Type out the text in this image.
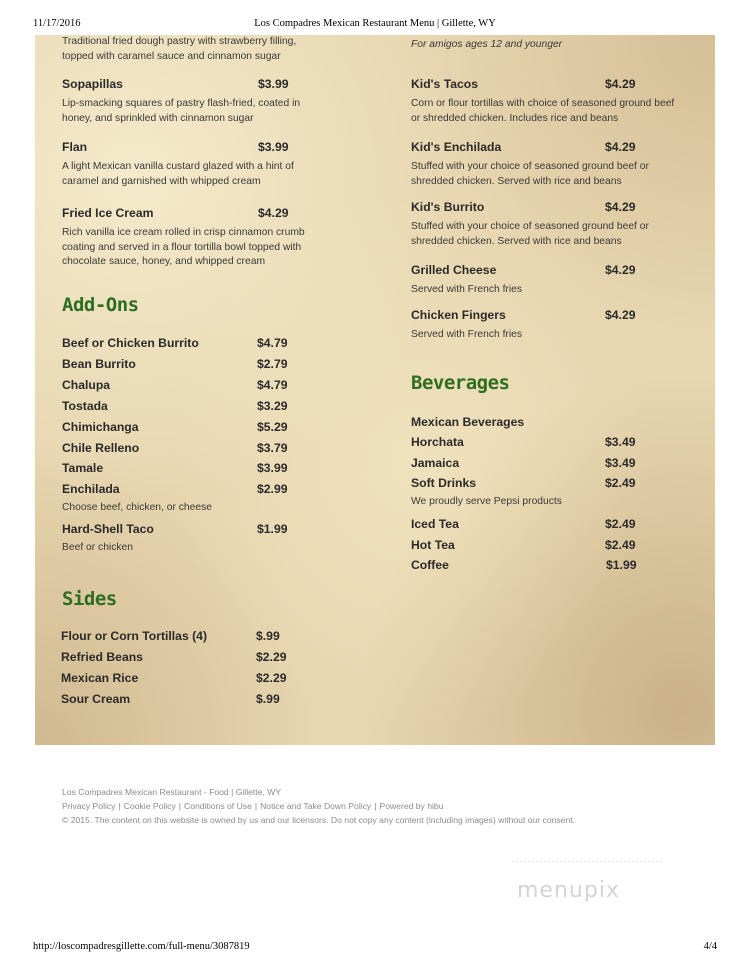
11/17/2016	Los Compadres Mexican Restaurant Menu | Gillette, WY
Traditional fried dough pastry with strawberry filling, topped with caramel sauce and cinnamon sugar
Sopapillas	$3.99
Lip-smacking squares of pastry flash-fried, coated in honey, and sprinkled with cinnamon sugar
Flan	$3.99
A light Mexican vanilla custard glazed with a hint of caramel and garnished with whipped cream
Fried Ice Cream	$4.29
Rich vanilla ice cream rolled in crisp cinnamon crumb coating and served in a flour tortilla bowl topped with chocolate sauce, honey, and whipped cream
Add-Ons
Beef or Chicken Burrito	$4.79
Bean Burrito	$2.79
Chalupa	$4.79
Tostada	$3.29
Chimichanga	$5.29
Chile Relleno	$3.79
Tamale	$3.99
Enchilada	$2.99
Choose beef, chicken, or cheese
Hard-Shell Taco	$1.99
Beef or chicken
Sides
Flour or Corn Tortillas (4)	$.99
Refried Beans	$2.29
Mexican Rice	$2.29
Sour Cream	$.99
For amigos ages 12 and younger
Kid's Tacos	$4.29
Corn or flour tortillas with choice of seasoned ground beef or shredded chicken. Includes rice and beans
Kid's Enchilada	$4.29
Stuffed with your choice of seasoned ground beef or shredded chicken. Served with rice and beans
Kid's Burrito	$4.29
Stuffed with your choice of seasoned ground beef or shredded chicken. Served with rice and beans
Grilled Cheese	$4.29
Served with French fries
Chicken Fingers	$4.29
Served with French fries
Beverages
Mexican Beverages
Horchata	$3.49
Jamaica	$3.49
Soft Drinks	$2.49
We proudly serve Pepsi products
Iced Tea	$2.49
Hot Tea	$2.49
Coffee	$1.99
Los Compadres Mexican Restaurant - Food | Gillette, WY
Privacy Policy | Cookie Policy | Conditions of Use | Notice and Take Down Policy | Powered by hibu
© 2015. The content on this website is owned by us and our licensors. Do not copy any content (including images) without our consent.
menupix
http://loscompadresgillette.com/full-menu/3087819	4/4
